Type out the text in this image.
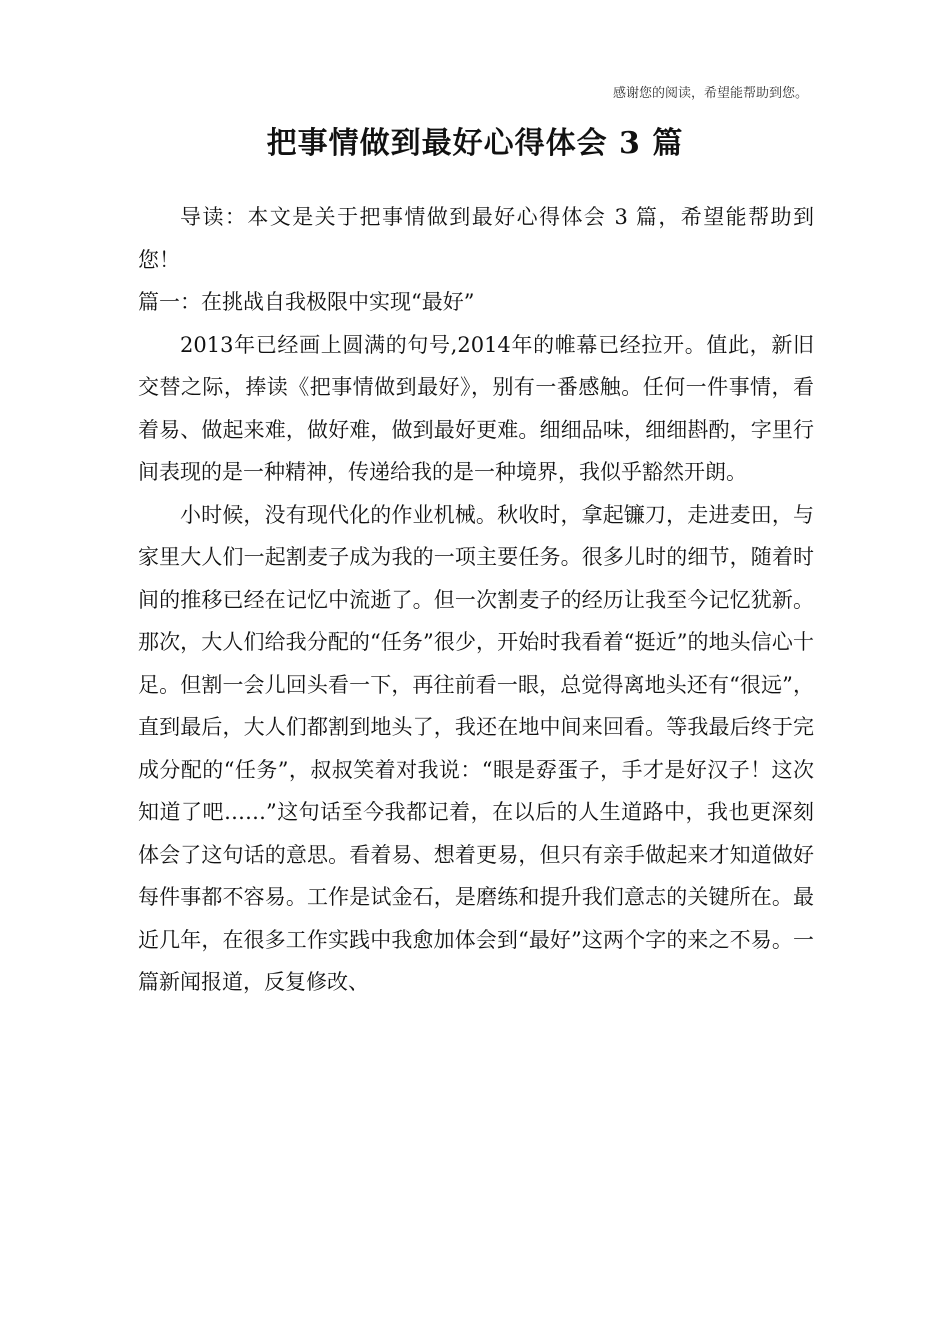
感谢您的阅读，希望能帮助到您。
把事情做到最好心得体会 3 篇

导读：本文是关于把事情做到最好心得体会 3 篇，希望能帮助到您！

篇一：在挑战自我极限中实现“最好”

2013年已经画上圆满的句号,2014年的帷幕已经拉开。值此，新旧交替之际，捧读《把事情做到最好》，别有一番感触。任何一件事情，看着易、做起来难，做好难，做到最好更难。细细品味，细细斟酌，字里行间表现的是一种精神，传递给我的是一种境界，我似乎豁然开朗。

小时候，没有现代化的作业机械。秋收时，拿起镰刀，走进麦田，与家里大人们一起割麦子成为我的一项主要任务。很多儿时的细节，随着时间的推移已经在记忆中流逝了。但一次割麦子的经历让我至今记忆犹新。那次，大人们给我分配的“任务”很少，开始时我看着“挺近”的地头信心十足。但割一会儿回头看一下，再往前看一眼，总觉得离地头还有“很远”，直到最后，大人们都割到地头了，我还在地中间来回看。等我最后终于完成分配的“任务”，叔叔笑着对我说：“眼是孬蛋子，手才是好汉子！这次知道了吧……”这句话至今我都记着，在以后的人生道路中，我也更深刻体会了这句话的意思。看着易、想着更易，但只有亲手做起来才知道做好每件事都不容易。工作是试金石，是磨练和提升我们意志的关键所在。最近几年，在很多工作实践中我愈加体会到“最好”这两个字的来之不易。一篇新闻报道，反复修改、
